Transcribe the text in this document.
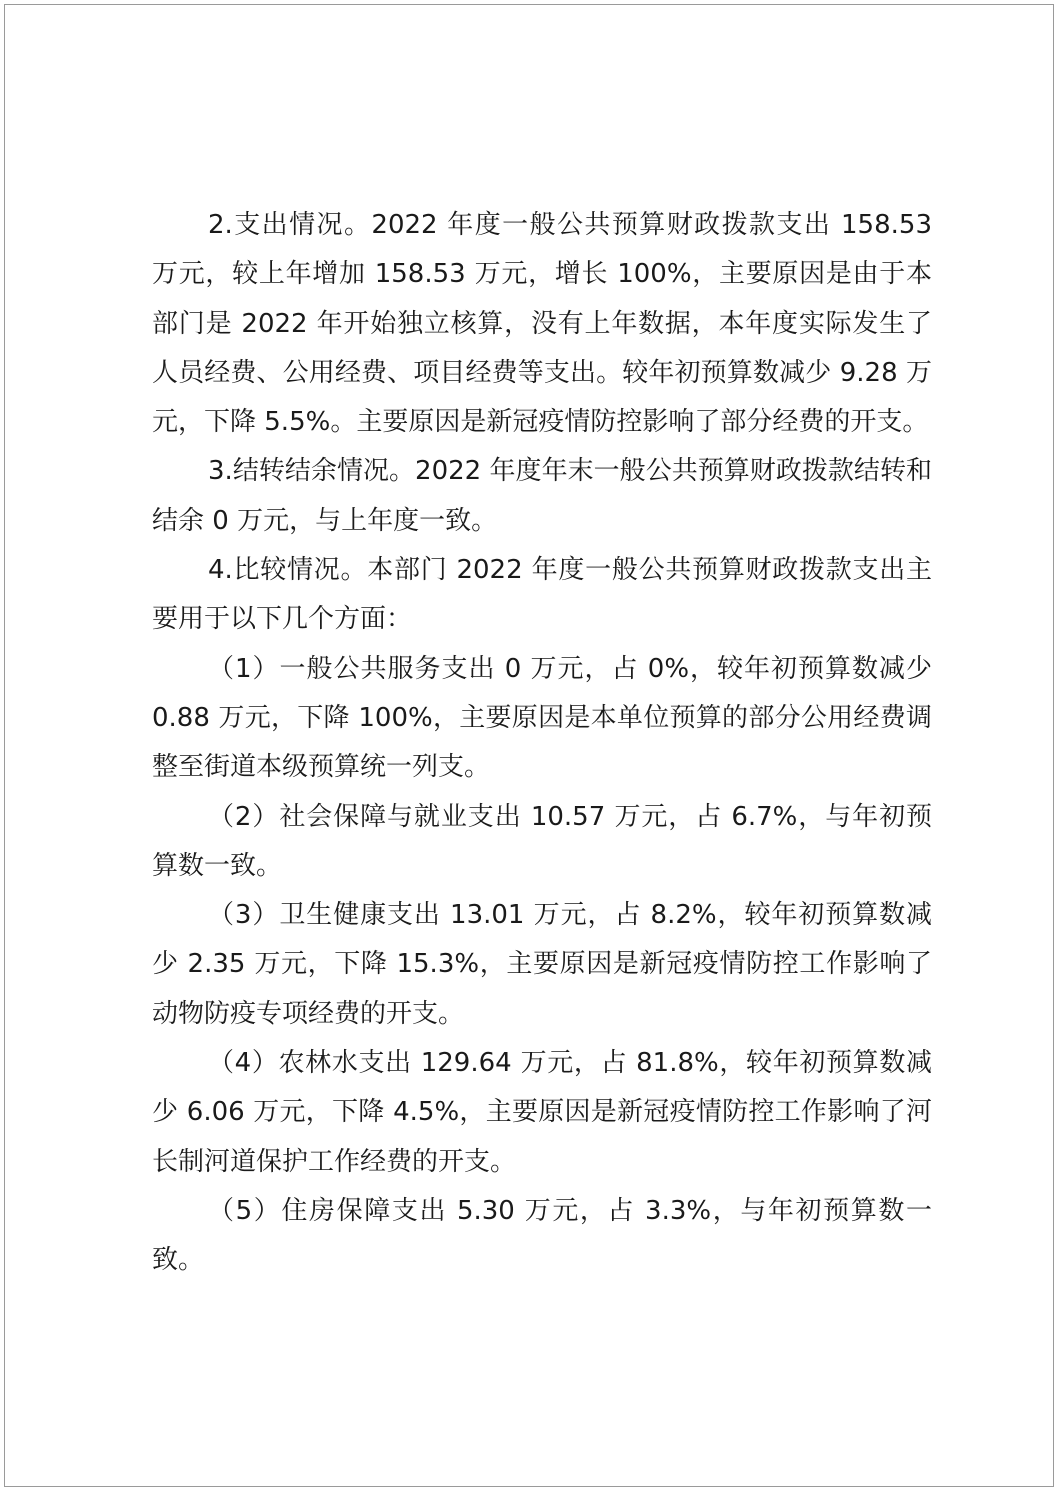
2.支出情况。2022 年度一般公共预算财政拨款支出 158.53 万元，较上年增加 158.53 万元，增长 100%，主要原因是由于本部门是 2022 年开始独立核算，没有上年数据，本年度实际发生了人员经费、公用经费、项目经费等支出。较年初预算数减少 9.28 万元，下降 5.5%。主要原因是新冠疫情防控影响了部分经费的开支。

3.结转结余情况。2022 年度年末一般公共预算财政拨款结转和结余 0 万元，与上年度一致。

4.比较情况。本部门 2022 年度一般公共预算财政拨款支出主要用于以下几个方面：

（1）一般公共服务支出 0 万元，占 0%，较年初预算数减少 0.88 万元，下降 100%，主要原因是本单位预算的部分公用经费调整至街道本级预算统一列支。

（2）社会保障与就业支出 10.57 万元，占 6.7%，与年初预算数一致。

（3）卫生健康支出 13.01 万元，占 8.2%，较年初预算数减少 2.35 万元，下降 15.3%，主要原因是新冠疫情防控工作影响了动物防疫专项经费的开支。

（4）农林水支出 129.64 万元，占 81.8%，较年初预算数减少 6.06 万元，下降 4.5%，主要原因是新冠疫情防控工作影响了河长制河道保护工作经费的开支。

（5）住房保障支出 5.30 万元，占 3.3%，与年初预算数一致。
